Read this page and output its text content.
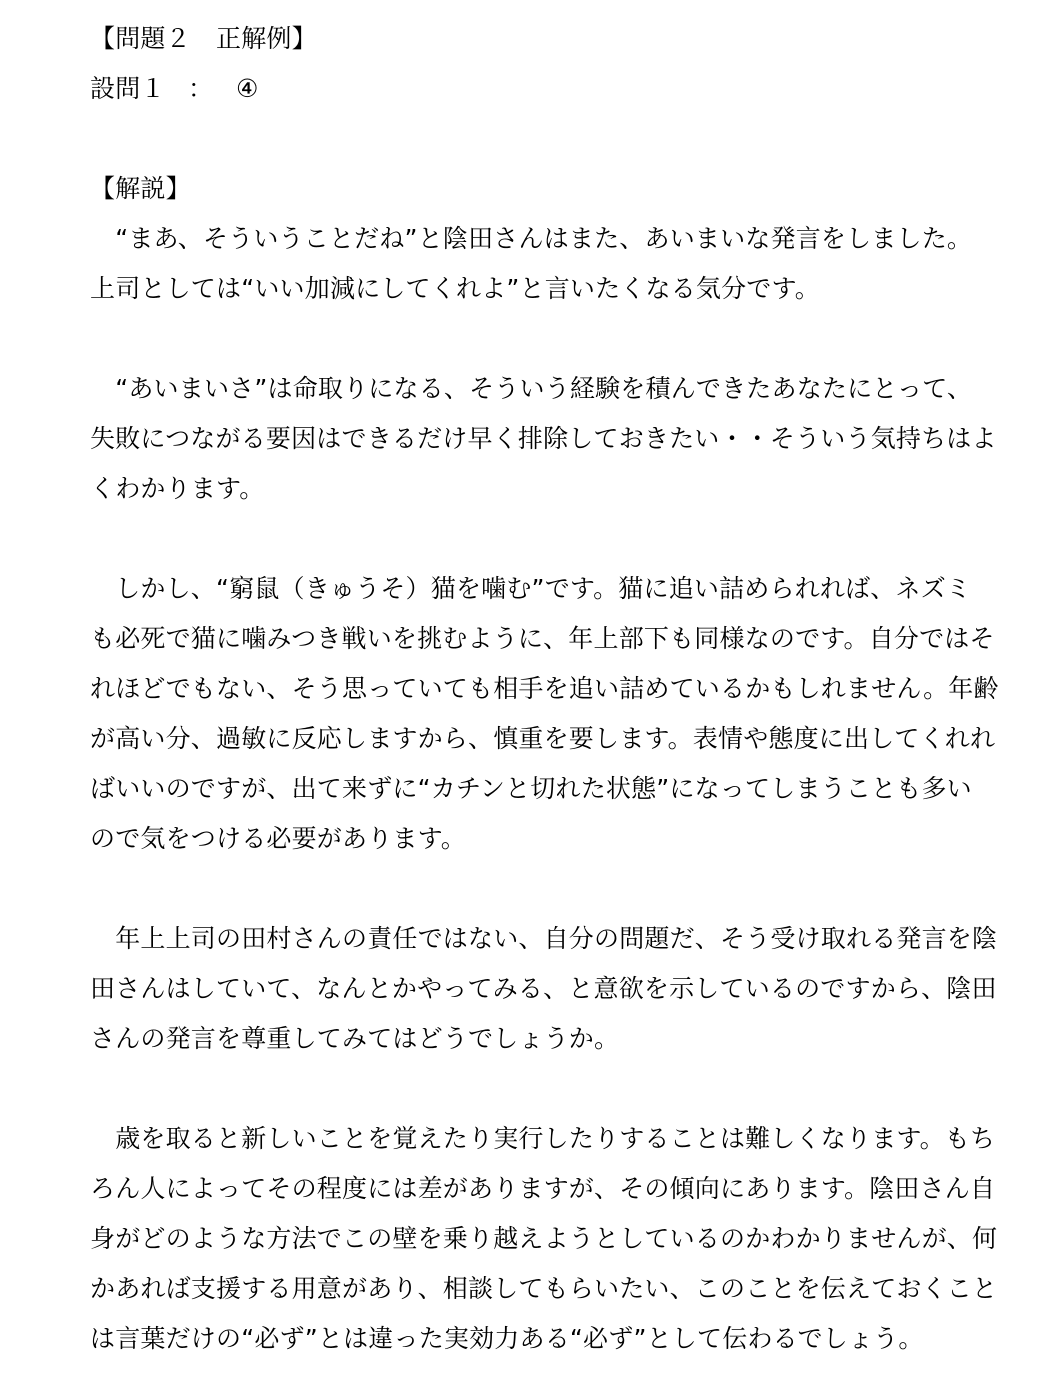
【問題２　正解例】
設問１ ： ④
【解説】
　“まあ、そういうことだね”と陰田さんはまた、あいまいな発言をしました。
上司としては“いい加減にしてくれよ”と言いたくなる気分です。
　“あいまいさ”は命取りになる、そういう経験を積んできたあなたにとって、
失敗につながる要因はできるだけ早く排除しておきたい・・そういう気持ちはよ
くわかります。
　しかし、“窮鼠（きゅうそ）猫を噛む”です。猫に追い詰められれば、ネズミ
も必死で猫に噛みつき戦いを挑むように、年上部下も同様なのです。自分ではそ
れほどでもない、そう思っていても相手を追い詰めているかもしれません。年齢
が高い分、過敏に反応しますから、慎重を要します。表情や態度に出してくれれ
ばいいのですが、出て来ずに“カチンと切れた状態”になってしまうことも多い
ので気をつける必要があります。
　年上上司の田村さんの責任ではない、自分の問題だ、そう受け取れる発言を陰
田さんはしていて、なんとかやってみる、と意欲を示しているのですから、陰田
さんの発言を尊重してみてはどうでしょうか。
　歳を取ると新しいことを覚えたり実行したりすることは難しくなります。もち
ろん人によってその程度には差がありますが、その傾向にあります。陰田さん自
身がどのような方法でこの壁を乗り越えようとしているのかわかりませんが、何
かあれば支援する用意があり、相談してもらいたい、このことを伝えておくこと
は言葉だけの“必ず”とは違った実効力ある“必ず”として伝わるでしょう。
